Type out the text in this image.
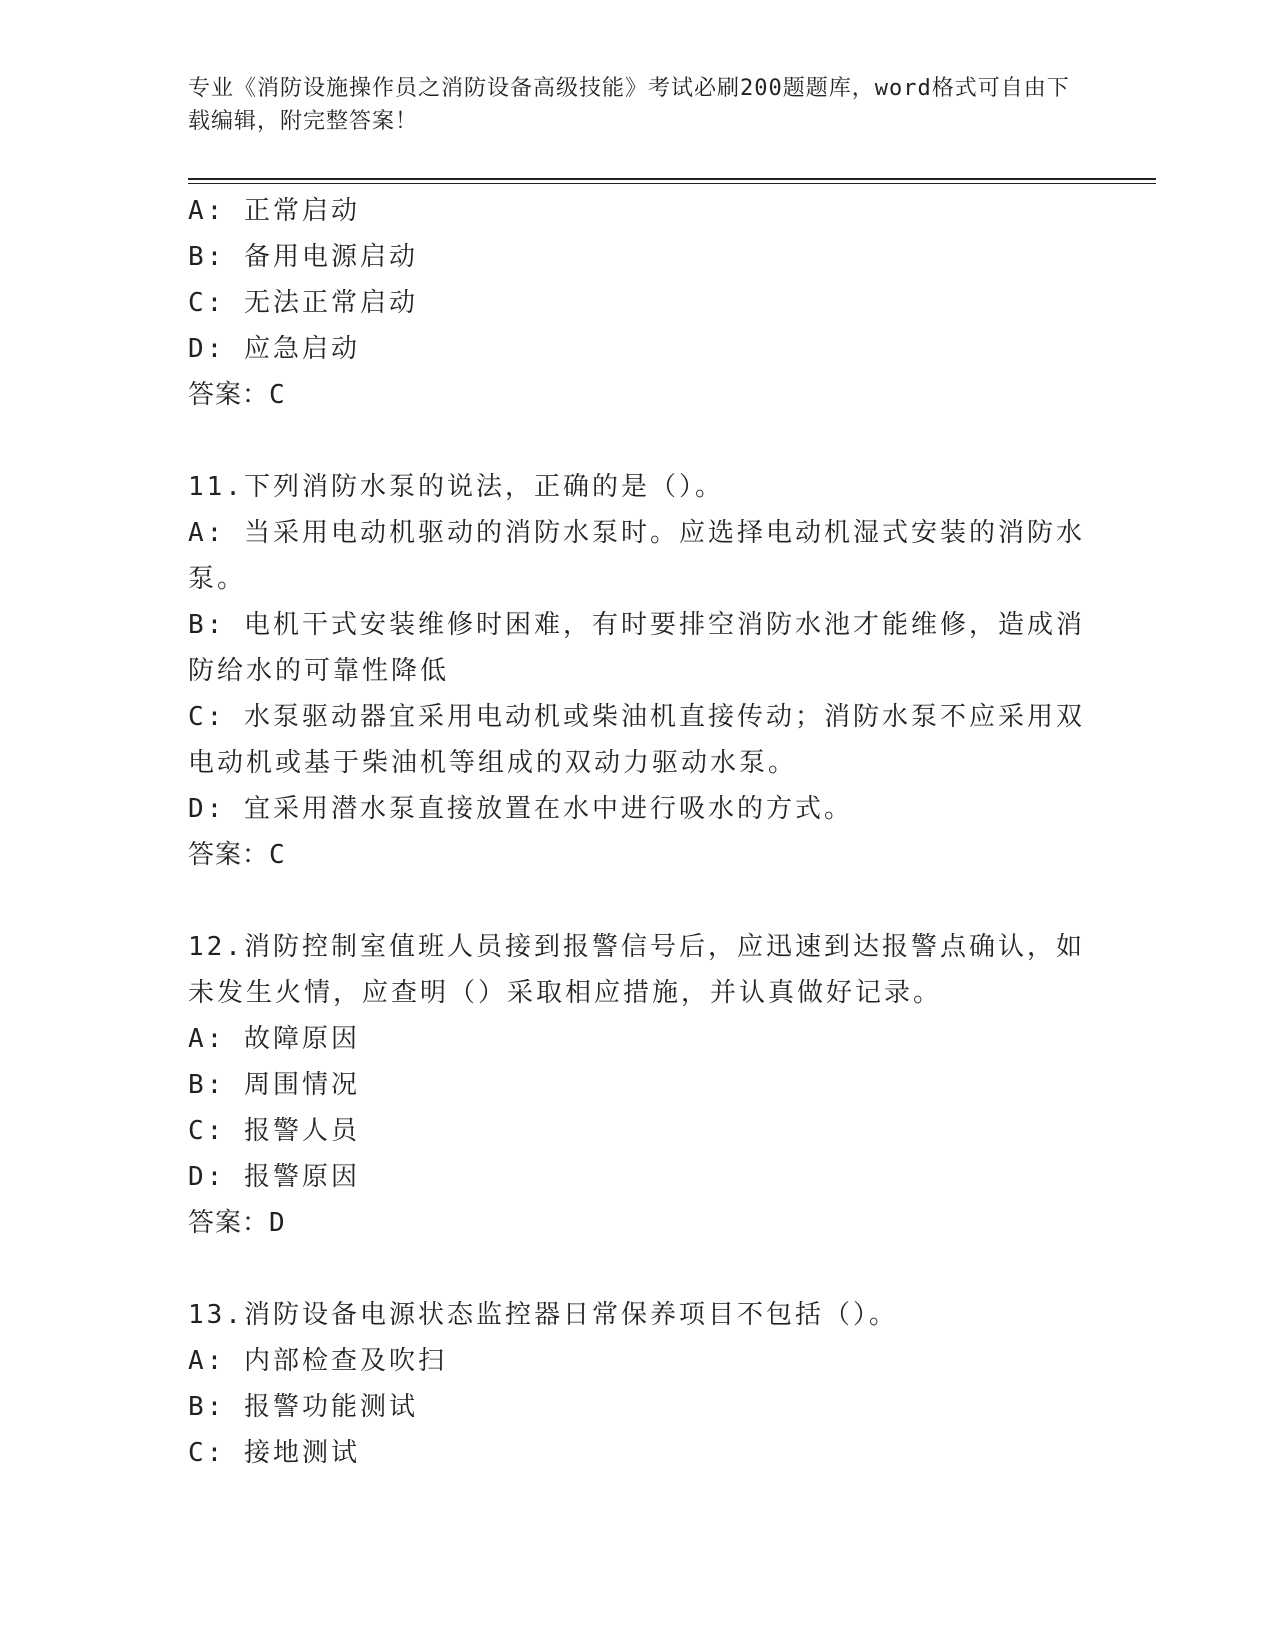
专业《消防设施操作员之消防设备高级技能》考试必刷200题题库，word格式可自由下载编辑，附完整答案！
A: 正常启动
B: 备用电源启动
C: 无法正常启动
D: 应急启动
答案：C
11.下列消防水泵的说法，正确的是（）。
A: 当采用电动机驱动的消防水泵时。应选择电动机湿式安装的消防水泵。
B: 电机干式安装维修时困难，有时要排空消防水池才能维修，造成消防给水的可靠性降低
C: 水泵驱动器宜采用电动机或柴油机直接传动；消防水泵不应采用双电动机或基于柴油机等组成的双动力驱动水泵。
D: 宜采用潜水泵直接放置在水中进行吸水的方式。
答案：C
12.消防控制室值班人员接到报警信号后，应迅速到达报警点确认，如未发生火情，应查明（）采取相应措施，并认真做好记录。
A: 故障原因
B: 周围情况
C: 报警人员
D: 报警原因
答案：D
13.消防设备电源状态监控器日常保养项目不包括（）。
A: 内部检查及吹扫
B: 报警功能测试
C: 接地测试
